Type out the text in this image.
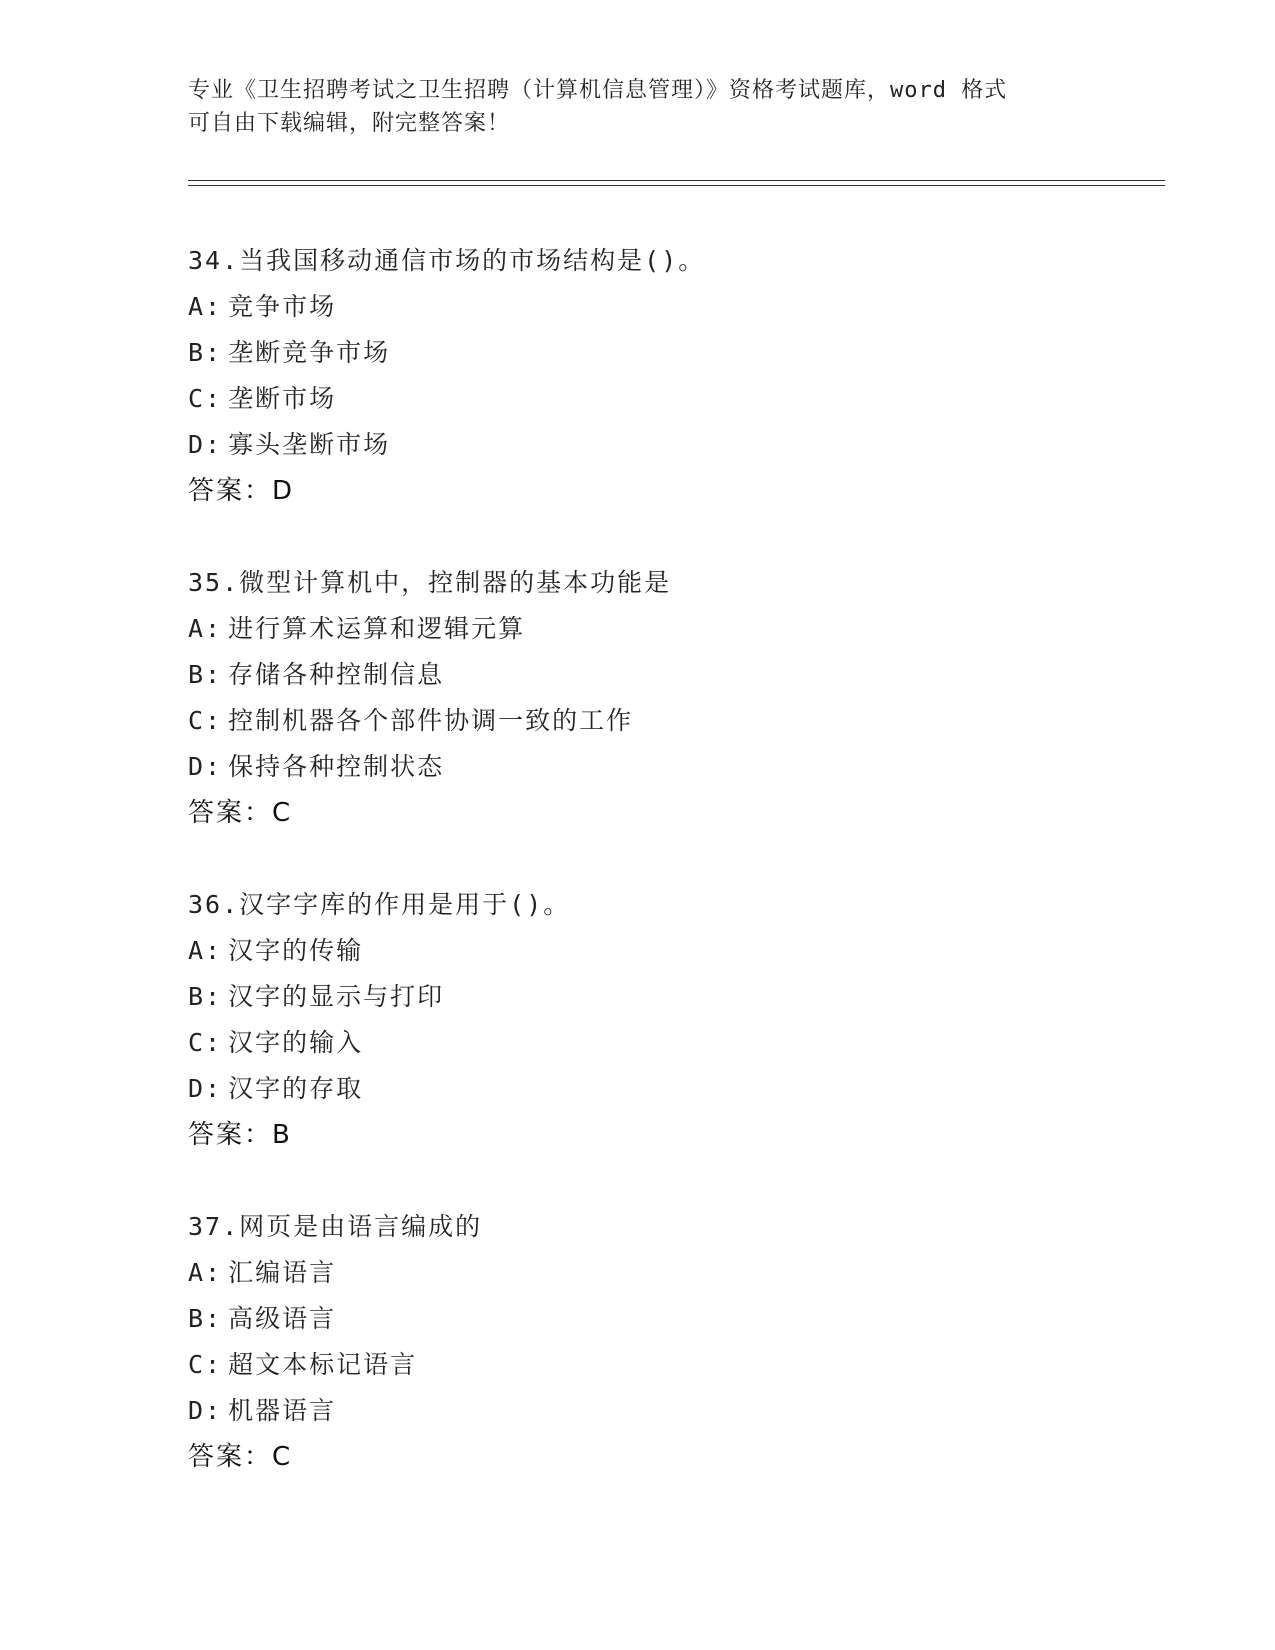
专业《卫生招聘考试之卫生招聘（计算机信息管理）》资格考试题库，word 格式
可自由下载编辑，附完整答案！
34.当我国移动通信市场的市场结构是()。
A: 竞争市场
B: 垄断竞争市场
C: 垄断市场
D: 寡头垄断市场
答案：D
35.微型计算机中，控制器的基本功能是
A: 进行算术运算和逻辑元算
B: 存储各种控制信息
C: 控制机器各个部件协调一致的工作
D: 保持各种控制状态
答案：C
36.汉字字库的作用是用于()。
A: 汉字的传输
B: 汉字的显示与打印
C: 汉字的输入
D: 汉字的存取
答案：B
37.网页是由语言编成的
A: 汇编语言
B: 高级语言
C: 超文本标记语言
D: 机器语言
答案：C
